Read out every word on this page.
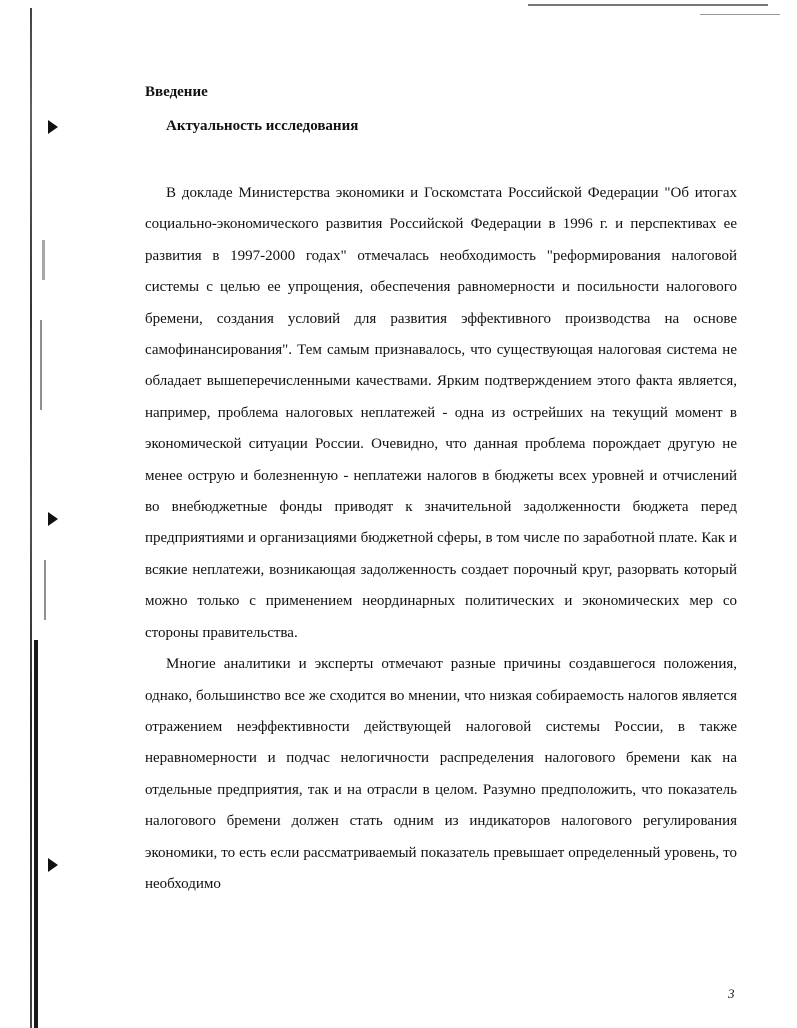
Введение
Актуальность исследования

В докладе Министерства экономики и Госкомстата Российской Федерации "Об итогах социально-экономического развития Российской Федерации в 1996 г. и перспективах ее развития в 1997-2000 годах" отмечалась необходимость "реформирования налоговой системы с целью ее упрощения, обеспечения равномерности и посильности налогового бремени, создания условий для развития эффективного производства на основе самофинансирования". Тем самым признавалось, что существующая налоговая система не обладает вышеперечисленными качествами. Ярким подтверждением этого факта является, например, проблема налоговых неплатежей - одна из острейших на текущий момент в экономической ситуации России. Очевидно, что данная проблема порождает другую не менее острую и болезненную - неплатежи налогов в бюджеты всех уровней и отчислений во внебюджетные фонды приводят к значительной задолженности бюджета перед предприятиями и организациями бюджетной сферы, в том числе по заработной плате. Как и всякие неплатежи, возникающая задолженность создает порочный круг, разорвать который можно только с применением неординарных политических и экономических мер со стороны правительства.

Многие аналитики и эксперты отмечают разные причины создавшегося положения, однако, большинство все же сходится во мнении, что низкая собираемость налогов является отражением неэффективности действующей налоговой системы России, в также неравномерности и подчас нелогичности распределения налогового бремени как на отдельные предприятия, так и на отрасли в целом. Разумно предположить, что показатель налогового бремени должен стать одним из индикаторов налогового регулирования экономики, то есть если рассматриваемый показатель превышает определенный уровень, то необходимо

3
